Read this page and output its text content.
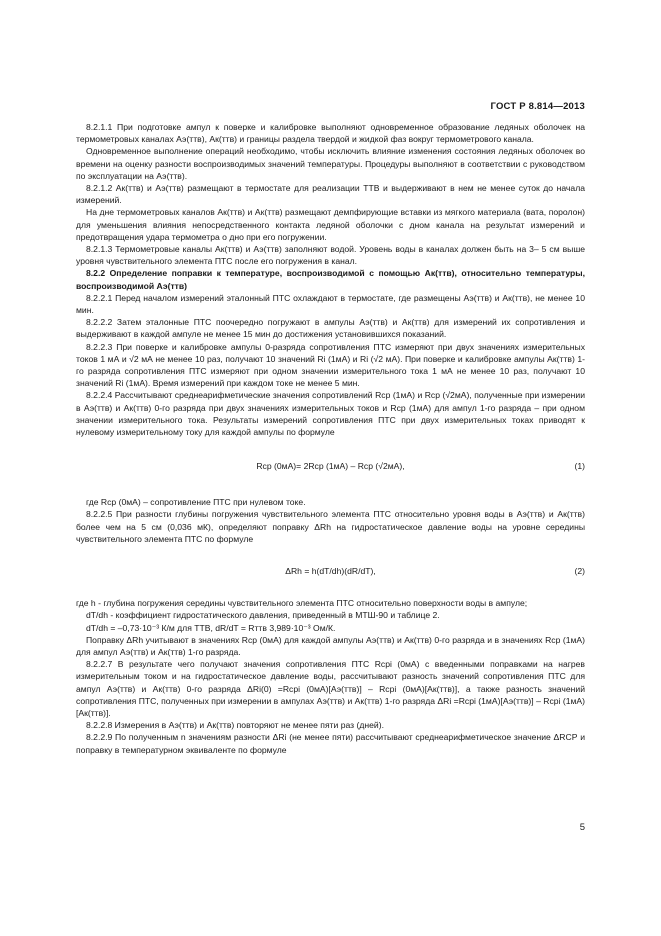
ГОСТ Р 8.814—2013

8.2.1.1 При подготовке ампул к поверке и калибровке выполняют одновременное образование ледяных оболочек на термометровых каналах Аэ(ттв), Ак(ттв) и границы раздела твердой и жидкой фаз вокруг термометрового канала.

Одновременное выполнение операций необходимо, чтобы исключить влияние изменения состояния ледяных оболочек во времени на оценку разности воспроизводимых значений температуры. Процедуры выполняют в соответствии с руководством по эксплуатации на Аэ(ттв).

8.2.1.2 Ак(ттв) и Аэ(ттв) размещают в термостате для реализации ТТВ и выдерживают в нем не менее суток до начала измерений.

На дне термометровых каналов Ак(ттв) и Ак(ттв) размещают демпфирующие вставки из мягкого материала (вата, поролон) для уменьшения влияния непосредственного контакта ледяной оболочки с дном канала на результат измерений и предотвращения удара термометра о дно при его погружении.

8.2.1.3 Термометровые каналы Ак(ттв) и Аэ(ттв) заполняют водой. Уровень воды в каналах должен быть на 3– 5 см выше уровня чувствительного элемента ПТС после его погружения в канал.

8.2.2 Определение поправки к температуре, воспроизводимой с помощью Ак(ттв), относительно температуры, воспроизводимой Аэ(ттв)

8.2.2.1 Перед началом измерений эталонный ПТС охлаждают в термостате, где размещены Аэ(ттв) и Ак(ттв), не менее 10 мин.

8.2.2.2 Затем эталонные ПТС поочередно погружают в ампулы Аэ(ттв) и Ак(ттв) для измерений их сопротивления и выдерживают в каждой ампуле не менее 15 мин до достижения установившихся показаний.

8.2.2.3 При поверке и калибровке ампулы 0-разряда сопротивления ПТС измеряют при двух значениях измерительных токов 1 мА и √2 мА не менее 10 раз, получают 10 значений Ri (1мА) и Ri (√2 мА). При поверке и калибровке ампулы Ак(ттв) 1-го разряда сопротивления ПТС измеряют при одном значении измерительного тока 1 мА не менее 10 раз, получают 10 значений Ri (1мА). Время измерений при каждом токе не менее 5 мин.

8.2.2.4 Рассчитывают среднеарифметические значения сопротивлений Rср (1мА) и Rср (√2мА), полученные при измерении в Аэ(ттв) и Ак(ттв) 0-го разряда при двух значениях измерительных токов и Rср (1мА) для ампул 1-го разряда – при одном значении измерительного тока. Результаты измерений сопротивления ПТС при двух измерительных токах приводят к нулевому измерительному току для каждой ампулы по формуле

Rср (0мА)= 2Rср (1мА) – Rср (√2мА),	(1)

где Rср (0мА) – сопротивление ПТС при нулевом токе.

8.2.2.5 При разности глубины погружения чувствительного элемента ПТС относительно уровня воды в Аэ(ттв) и Ак(ттв) более чем на 5 см (0,036 мК), определяют поправку ΔRh на гидростатическое давление воды на уровне середины чувствительного элемента ПТС по формуле

ΔRh = h(dT/dh)(dR/dT),	(2)

где h - глубина погружения середины чувствительного элемента ПТС относительно поверхности воды в ампуле;

dT/dh - коэффициент гидростатического давления, приведенный в МТШ-90 и таблице 2.

dT/dh = –0,73·10⁻³ К/м для ТТВ, dR/dT = Rттв 3,989·10⁻³ Ом/К.

Поправку ΔRh учитывают в значениях Rср (0мА) для каждой ампулы Аэ(ттв) и Ак(ттв) 0-го разряда и в значениях Rср (1мА) для ампул Аэ(ттв) и Ак(ттв) 1-го разряда.

8.2.2.7 В результате чего получают значения сопротивления ПТС Rсрi (0мА) с введенными поправками на нагрев измерительным током и на гидростатическое давление воды, рассчитывают разность значений сопротивления ПТС для ампул Аэ(ттв) и Ак(ттв) 0-го разряда ΔRi(0) =Rсрi (0мА)[Аэ(ттв)] – Rсрi (0мА)[Ак(ттв)], а также разность значений сопротивления ПТС, полученных при измерении в ампулах Аэ(ттв) и Ак(ттв) 1-го разряда ΔRi =Rсрi (1мА)[Аэ(ттв)] – Rсрi (1мА)[Ак(ттв)].

8.2.2.8 Измерения в Аэ(ттв) и Ак(ттв) повторяют не менее пяти раз (дней).

8.2.2.9 По полученным n значениям разности ΔRi (не менее пяти) рассчитывают среднеарифметическое значение ΔRСР и поправку в температурном эквиваленте по формуле

5
